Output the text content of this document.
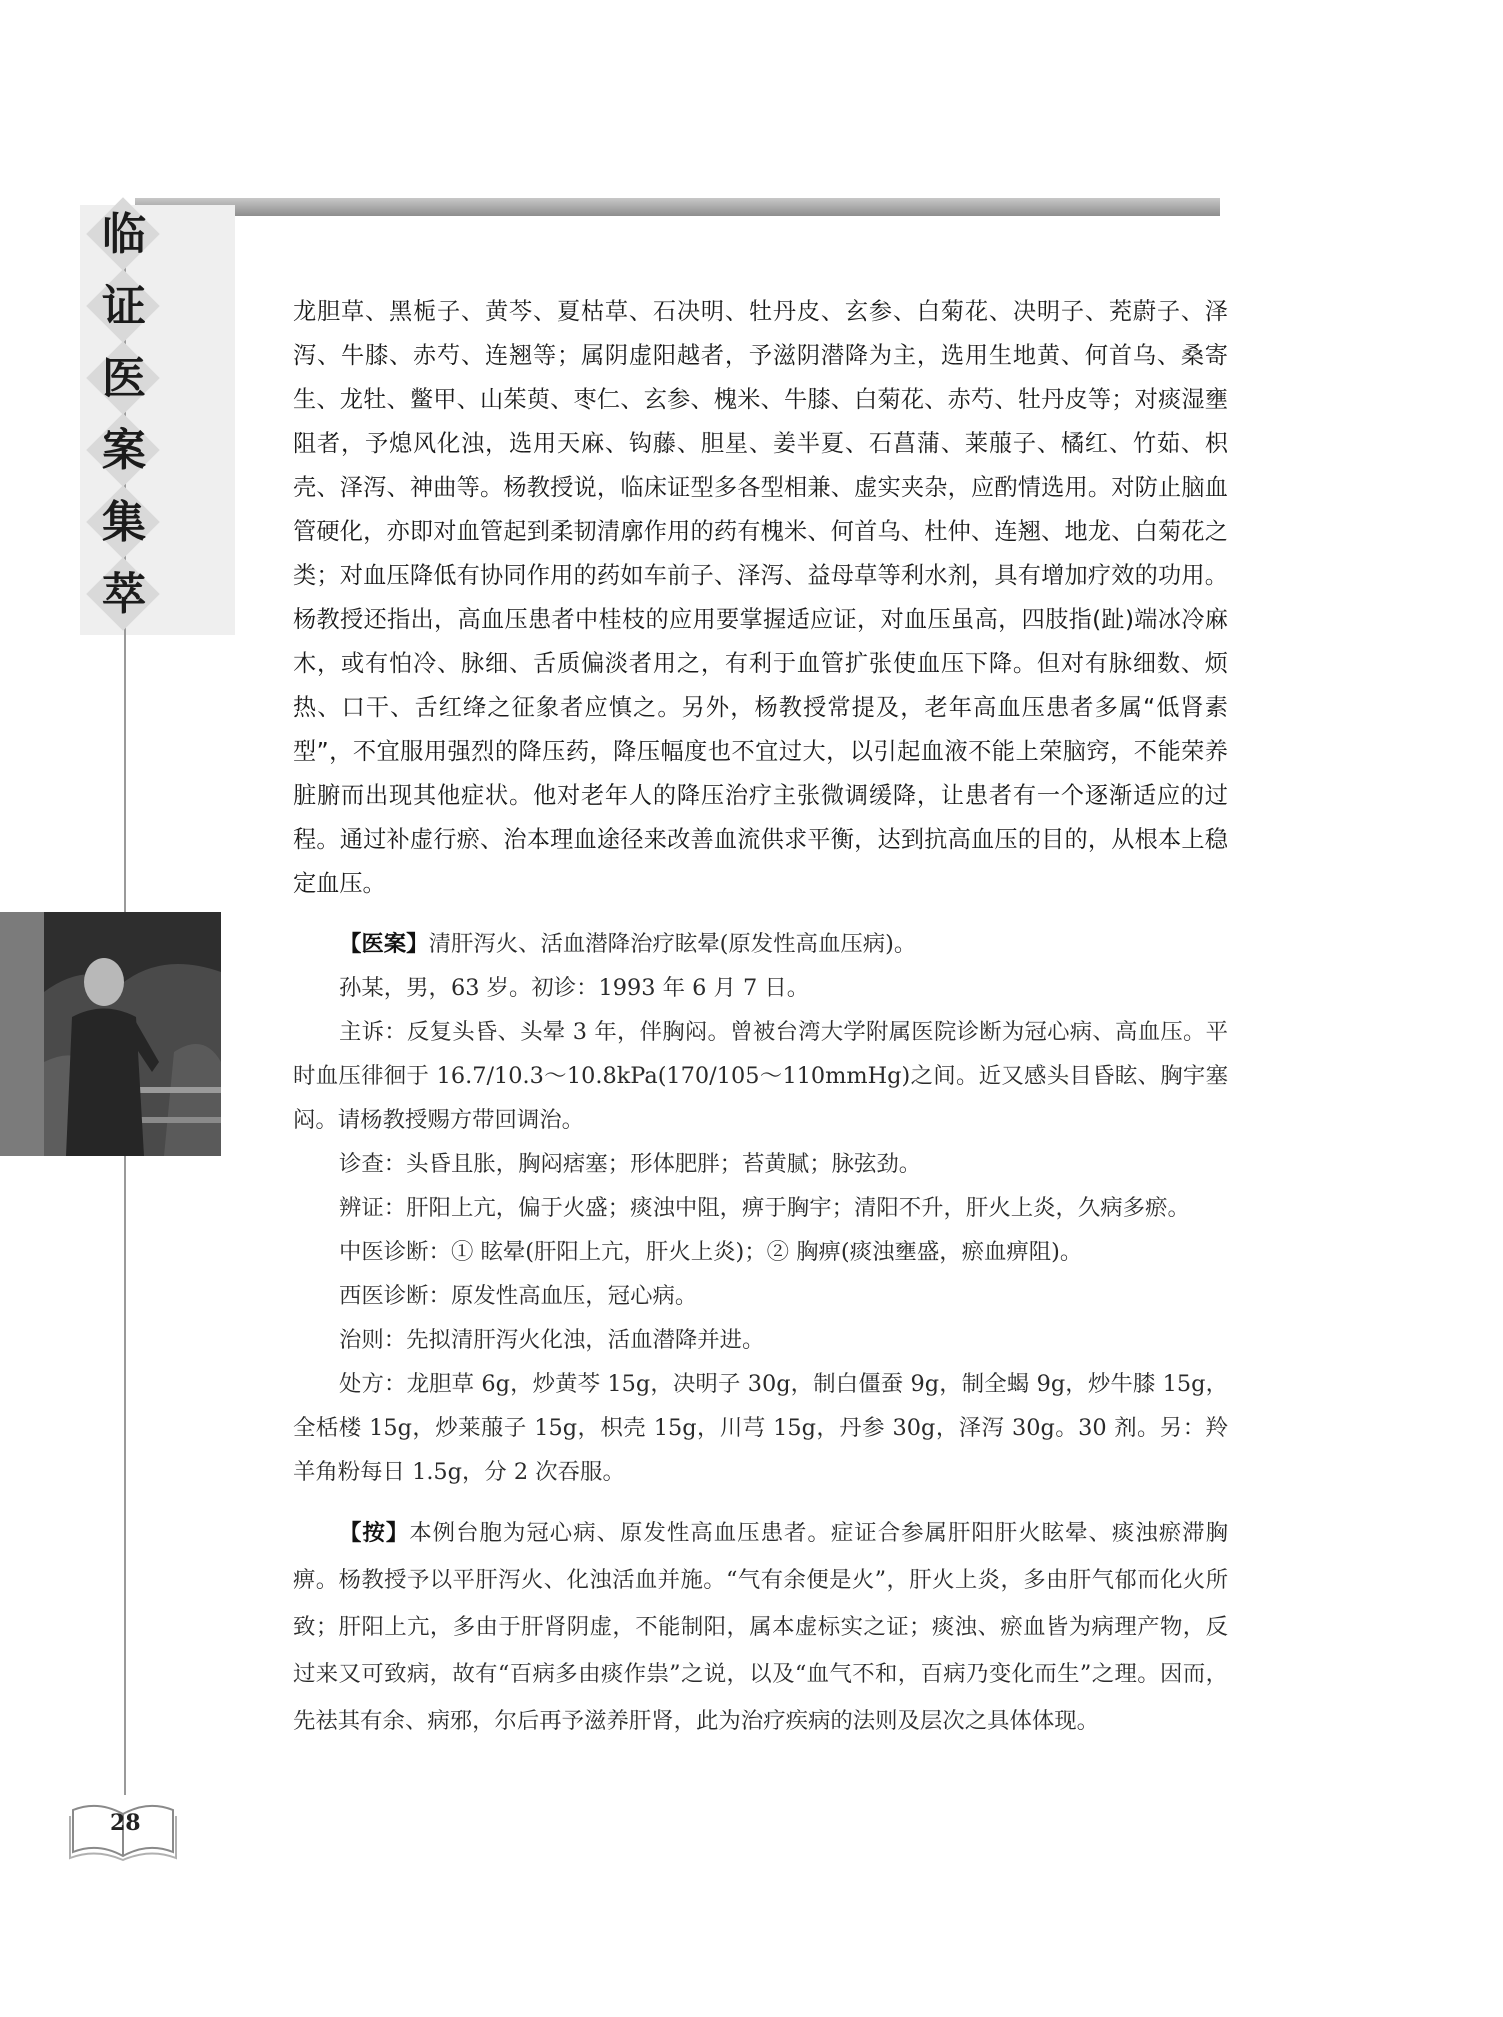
临
证
医
案
集
萃

龙胆草、黑栀子、黄芩、夏枯草、石决明、牡丹皮、玄参、白菊花、决明子、茺蔚子、泽泻、牛膝、赤芍、连翘等；属阴虚阳越者，予滋阴潜降为主，选用生地黄、何首乌、桑寄生、龙牡、鳖甲、山茱萸、枣仁、玄参、槐米、牛膝、白菊花、赤芍、牡丹皮等；对痰湿壅阻者，予熄风化浊，选用天麻、钩藤、胆星、姜半夏、石菖蒲、莱菔子、橘红、竹茹、枳壳、泽泻、神曲等。杨教授说，临床证型多各型相兼、虚实夹杂，应酌情选用。对防止脑血管硬化，亦即对血管起到柔韧清廓作用的药有槐米、何首乌、杜仲、连翘、地龙、白菊花之类；对血压降低有协同作用的药如车前子、泽泻、益母草等利水剂，具有增加疗效的功用。杨教授还指出，高血压患者中桂枝的应用要掌握适应证，对血压虽高，四肢指(趾)端冰冷麻木，或有怕冷、脉细、舌质偏淡者用之，有利于血管扩张使血压下降。但对有脉细数、烦热、口干、舌红绛之征象者应慎之。另外，杨教授常提及，老年高血压患者多属“低肾素型”，不宜服用强烈的降压药，降压幅度也不宜过大，以引起血液不能上荣脑窍，不能荣养脏腑而出现其他症状。他对老年人的降压治疗主张微调缓降，让患者有一个逐渐适应的过程。通过补虚行瘀、治本理血途径来改善血流供求平衡，达到抗高血压的目的，从根本上稳定血压。

【医案】清肝泻火、活血潜降治疗眩晕(原发性高血压病)。

孙某，男，63 岁。初诊：1993 年 6 月 7 日。

主诉：反复头昏、头晕 3 年，伴胸闷。曾被台湾大学附属医院诊断为冠心病、高血压。平时血压徘徊于 16.7/10.3～10.8kPa(170/105～110mmHg)之间。近又感头目昏眩、胸宇塞闷。请杨教授赐方带回调治。

诊查：头昏且胀，胸闷痞塞；形体肥胖；苔黄腻；脉弦劲。

辨证：肝阳上亢，偏于火盛；痰浊中阻，痹于胸宇；清阳不升，肝火上炎，久病多瘀。

中医诊断：① 眩晕(肝阳上亢，肝火上炎)；② 胸痹(痰浊壅盛，瘀血痹阻)。

西医诊断：原发性高血压，冠心病。

治则：先拟清肝泻火化浊，活血潜降并进。

处方：龙胆草 6g，炒黄芩 15g，决明子 30g，制白僵蚕 9g，制全蝎 9g，炒牛膝 15g，全栝楼 15g，炒莱菔子 15g，枳壳 15g，川芎 15g，丹参 30g，泽泻 30g。30 剂。另：羚羊角粉每日 1.5g，分 2 次吞服。

【按】本例台胞为冠心病、原发性高血压患者。症证合参属肝阳肝火眩晕、痰浊瘀滞胸痹。杨教授予以平肝泻火、化浊活血并施。“气有余便是火”，肝火上炎，多由肝气郁而化火所致；肝阳上亢，多由于肝肾阴虚，不能制阳，属本虚标实之证；痰浊、瘀血皆为病理产物，反过来又可致病，故有“百病多由痰作祟”之说，以及“血气不和，百病乃变化而生”之理。因而，先祛其有余、病邪，尔后再予滋养肝肾，此为治疗疾病的法则及层次之具体体现。

28
